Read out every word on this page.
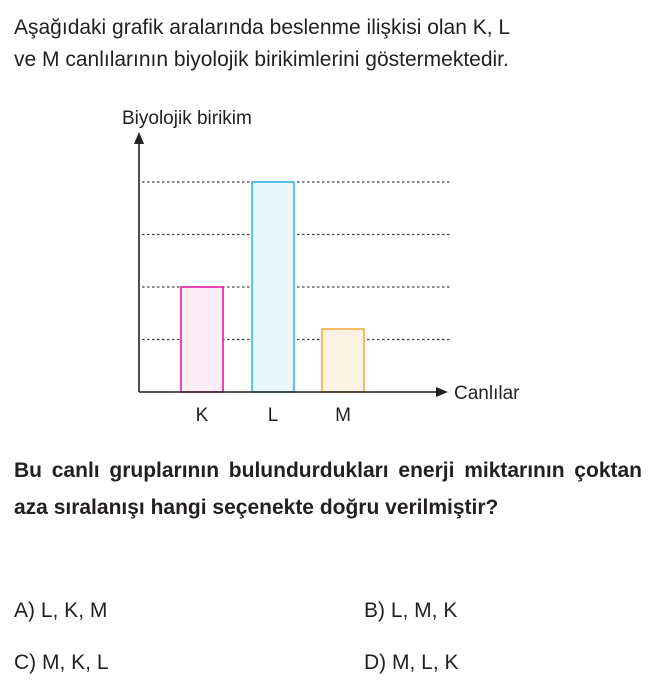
Aşağıdaki grafik aralarında beslenme ilişkisi olan K, L
ve M canlılarının biyolojik birikimlerini göstermektedir.

Biyolojik birikim
Canlılar
K	L	M

Bu canlı gruplarının bulundurdukları enerji miktarının çoktan aza sıralanışı hangi seçenekte doğru verilmiştir?

A) L, K, M	B) L, M, K
C) M, K, L	D) M, L, K
